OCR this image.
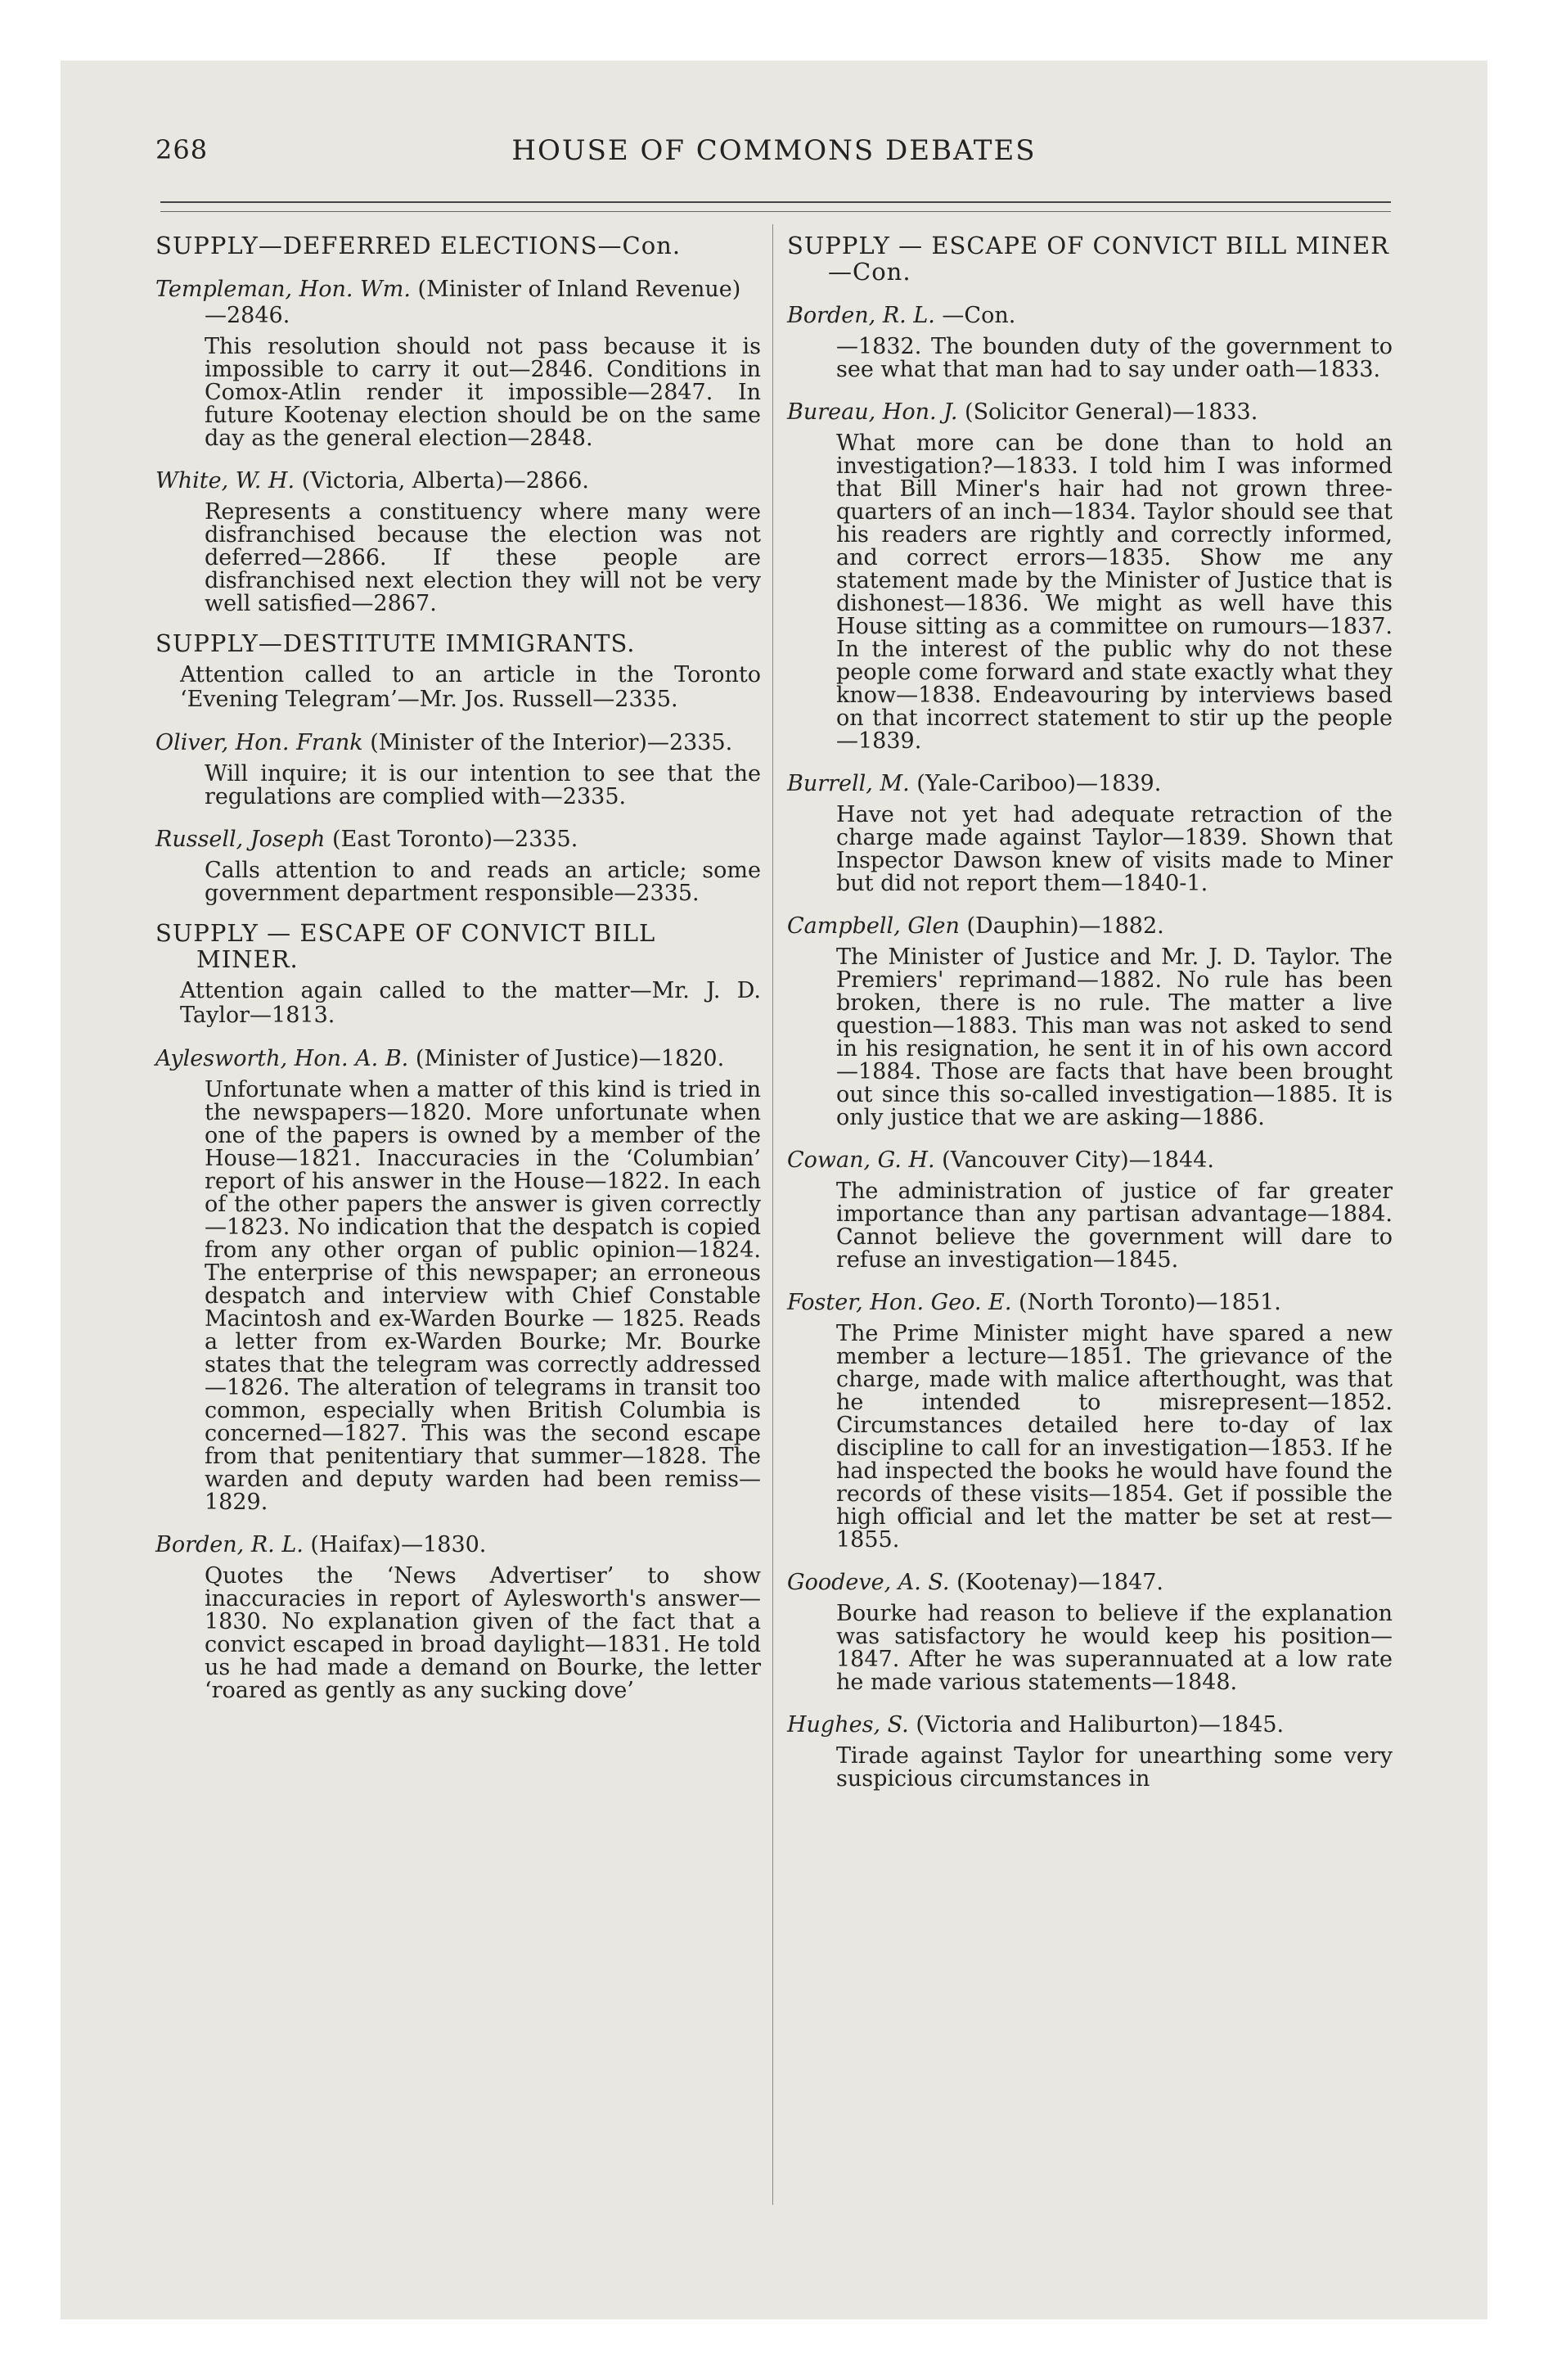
268	HOUSE OF COMMONS DEBATES
SUPPLY—DEFERRED ELECTIONS—Con.
Templeman, Hon. Wm. (Minister of Inland Revenue)—2846.

This resolution should not pass because it is impossible to carry it out—2846. Conditions in Comox-Atlin render it impossible—2847. In future Kootenay election should be on the same day as the general election—2848.

White, W. H. (Victoria, Alberta)—2866.

Represents a constituency where many were disfranchised because the election was not deferred—2866. If these people are disfranchised next election they will not be very well satisfied—2867.

SUPPLY—DESTITUTE IMMIGRANTS.

Attention called to an article in the Toronto ‘Evening Telegram’—Mr. Jos. Russell—2335.

Oliver, Hon. Frank (Minister of the Interior)—2335.

Will inquire; it is our intention to see that the regulations are complied with—2335.

Russell, Joseph (East Toronto)—2335.

Calls attention to and reads an article; some government department responsible—2335.

SUPPLY — ESCAPE OF CONVICT BILL MINER.

Attention again called to the matter—Mr. J. D. Taylor—1813.

Aylesworth, Hon. A. B. (Minister of Justice)—1820.

Unfortunate when a matter of this kind is tried in the newspapers—1820. More unfortunate when one of the papers is owned by a member of the House—1821. Inaccuracies in the ‘Columbian’ report of his answer in the House—1822. In each of the other papers the answer is given correctly—1823. No indication that the despatch is copied from any other organ of public opinion—1824. The enterprise of this newspaper; an erroneous despatch and interview with Chief Constable Macintosh and ex-Warden Bourke — 1825. Reads a letter from ex-Warden Bourke; Mr. Bourke states that the telegram was correctly addressed—1826. The alteration of telegrams in transit too common, especially when British Columbia is concerned—1827. This was the second escape from that penitentiary that summer—1828. The warden and deputy warden had been remiss—1829.

Borden, R. L. (Haifax)—1830.

Quotes the ‘News Advertiser’ to show inaccuracies in report of Aylesworth's answer—1830. No explanation given of the fact that a convict escaped in broad daylight—1831. He told us he had made a demand on Bourke, the letter ‘roared as gently as any sucking dove’

SUPPLY — ESCAPE OF CONVICT BILL MINER—Con.
Borden, R. L. —Con.

—1832. The bounden duty of the government to see what that man had to say under oath—1833.

Bureau, Hon. J. (Solicitor General)—1833.

What more can be done than to hold an investigation?—1833. I told him I was informed that Bill Miner's hair had not grown three-quarters of an inch—1834. Taylor should see that his readers are rightly and correctly informed, and correct errors—1835. Show me any statement made by the Minister of Justice that is dishonest—1836. We might as well have this House sitting as a committee on rumours—1837. In the interest of the public why do not these people come forward and state exactly what they know—1838. Endeavouring by interviews based on that incorrect statement to stir up the people—1839.

Burrell, M. (Yale-Cariboo)—1839.

Have not yet had adequate retraction of the charge made against Taylor—1839. Shown that Inspector Dawson knew of visits made to Miner but did not report them—1840-1.

Campbell, Glen (Dauphin)—1882.

The Minister of Justice and Mr. J. D. Taylor. The Premiers' reprimand—1882. No rule has been broken, there is no rule. The matter a live question—1883. This man was not asked to send in his resignation, he sent it in of his own accord—1884. Those are facts that have been brought out since this so-called investigation—1885. It is only justice that we are asking—1886.

Cowan, G. H. (Vancouver City)—1844.

The administration of justice of far greater importance than any partisan advantage—1884. Cannot believe the government will dare to refuse an investigation—1845.

Foster, Hon. Geo. E. (North Toronto)—1851.

The Prime Minister might have spared a new member a lecture—1851. The grievance of the charge, made with malice afterthought, was that he intended to misrepresent—1852. Circumstances detailed here to-day of lax discipline to call for an investigation—1853. If he had inspected the books he would have found the records of these visits—1854. Get if possible the high official and let the matter be set at rest—1855.

Goodeve, A. S. (Kootenay)—1847.

Bourke had reason to believe if the explanation was satisfactory he would keep his position—1847. After he was superannuated at a low rate he made various statements—1848.

Hughes, S. (Victoria and Haliburton)—1845.

Tirade against Taylor for unearthing some very suspicious circumstances in
